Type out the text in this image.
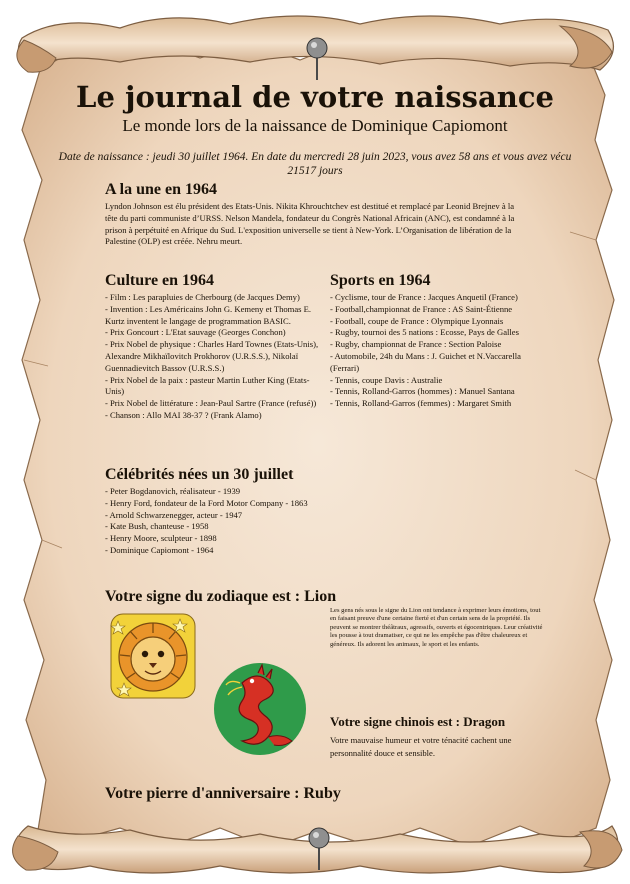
Le journal de votre naissance
Le monde lors de la naissance de Dominique Capiomont
Date de naissance : jeudi 30 juillet 1964. En date du mercredi 28 juin 2023, vous avez 58 ans et vous avez vécu 21517 jours
A la une en 1964
Lyndon Johnson est élu président des Etats-Unis. Nikita Khrouchtchev est destitué et remplacé par Leonid Brejnev à la tête du parti communiste d’URSS. Nelson Mandela, fondateur du Congrès National Africain (ANC), est condamné à la prison à perpétuité en Afrique du Sud. L'exposition universelle se tient à New-York. L’Organisation de libération de la Palestine (OLP) est créée. Nehru meurt.
Culture en 1964
- Film : Les parapluies de Cherbourg (de Jacques Demy)
- Invention : Les Américains John G. Kemeny et Thomas E. Kurtz inventent le langage de programmation BASIC.
- Prix Goncourt : L'Etat sauvage (Georges Conchon)
- Prix Nobel de physique : Charles Hard Townes (Etats-Unis), Alexandre Mikhaïlovitch Prokhorov (U.R.S.S.), Nikolaï Guennadievitch Bassov (U.R.S.S.)
- Prix Nobel de la paix : pasteur Martin Luther King (Etats-Unis)
- Prix Nobel de littérature : Jean-Paul Sartre (France (refusé))
- Chanson : Allo MAI 38-37 ? (Frank Alamo)
Sports en 1964
- Cyclisme, tour de France : Jacques Anquetil (France)
- Football,championnat de France : AS Saint-Étienne
- Football, coupe de France : Olympique Lyonnais
- Rugby, tournoi des 5 nations : Ecosse, Pays de Galles
- Rugby, championnat de France : Section Paloise
- Automobile, 24h du Mans : J. Guichet et N.Vaccarella (Ferrari)
- Tennis, coupe Davis : Australie
- Tennis, Rolland-Garros (hommes) : Manuel Santana
- Tennis, Rolland-Garros (femmes) : Margaret Smith
Célébrités nées un 30 juillet
- Peter Bogdanovich, réalisateur - 1939
- Henry Ford, fondateur de la Ford Motor Company - 1863
- Arnold Schwarzenegger, acteur - 1947
- Kate Bush, chanteuse - 1958
- Henry Moore, sculpteur - 1898
- Dominique Capiomont - 1964
Votre signe du zodiaque est : Lion
Les gens nés sous le signe du Lion ont tendance à exprimer leurs émotions, tout en faisant preuve d'une certaine fierté et d'un certain sens de la propriété. Ils peuvent se montrer théâtraux, agressifs, ouverts et égocentriques. Leur créativité les pousse à tout dramatiser, ce qui ne les empêche pas d'être chaleureux et généreux. Ils adorent les animaux, le sport et les enfants.
Votre signe chinois est : Dragon
Votre mauvaise humeur et votre ténacité cachent une personnalité douce et sensible.
Votre pierre d'anniversaire : Ruby
